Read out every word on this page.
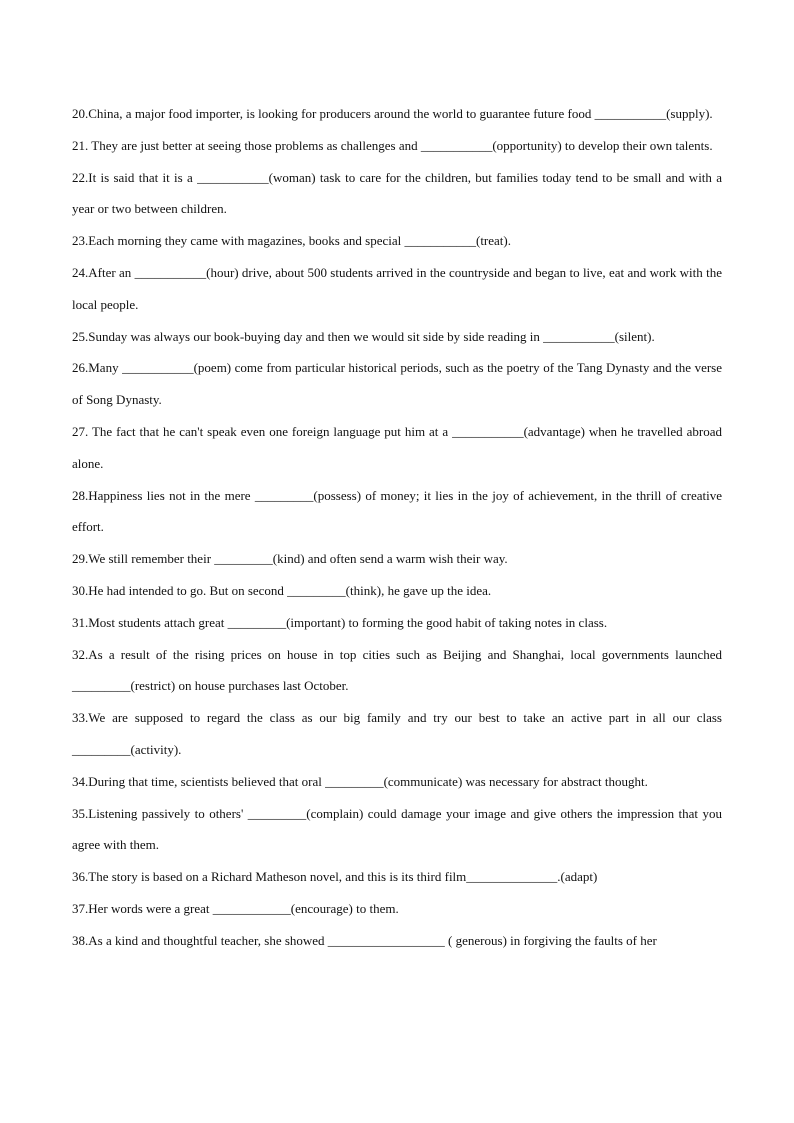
20.China, a major food importer, is looking for producers around the world to guarantee future food ___________(supply).

21. They are just better at seeing those problems as challenges and ___________(opportunity) to develop their own talents.

22.It is said that it is a ___________(woman) task to care for the children, but families today tend to be small and with a year or two between children.

23.Each morning they came with magazines, books and special ___________(treat).

24.After an ___________(hour) drive, about 500 students arrived in the countryside and began to live, eat and work with the local people.

25.Sunday was always our book-buying day and then we would sit side by side reading in ___________(silent).

26.Many ___________(poem) come from particular historical periods, such as the poetry of the Tang Dynasty and the verse of Song Dynasty.

27. The fact that he can't speak even one foreign language put him at a ___________(advantage) when he travelled abroad alone.

28.Happiness lies not in the mere _________(possess) of money; it lies in the joy of achievement, in the thrill of creative effort.

29.We still remember their _________(kind) and often send a warm wish their way.

30.He had intended to go. But on second _________(think), he gave up the idea.

31.Most students attach great _________(important) to forming the good habit of taking notes in class.

32.As a result of the rising prices on house in top cities such as Beijing and Shanghai, local governments launched _________(restrict) on house purchases last October.

33.We are supposed to regard the class as our big family and try our best to take an active part in all our class _________(activity).

34.During that time, scientists believed that oral _________(communicate) was necessary for abstract thought.

35.Listening passively to others' _________(complain) could damage your image and give others the impression that you agree with them.

36.The story is based on a Richard Matheson novel, and this is its third film______________.(adapt)

37.Her words were a great ____________(encourage) to them.

38.As a kind and thoughtful teacher, she showed __________________ ( generous) in forgiving the faults of her
